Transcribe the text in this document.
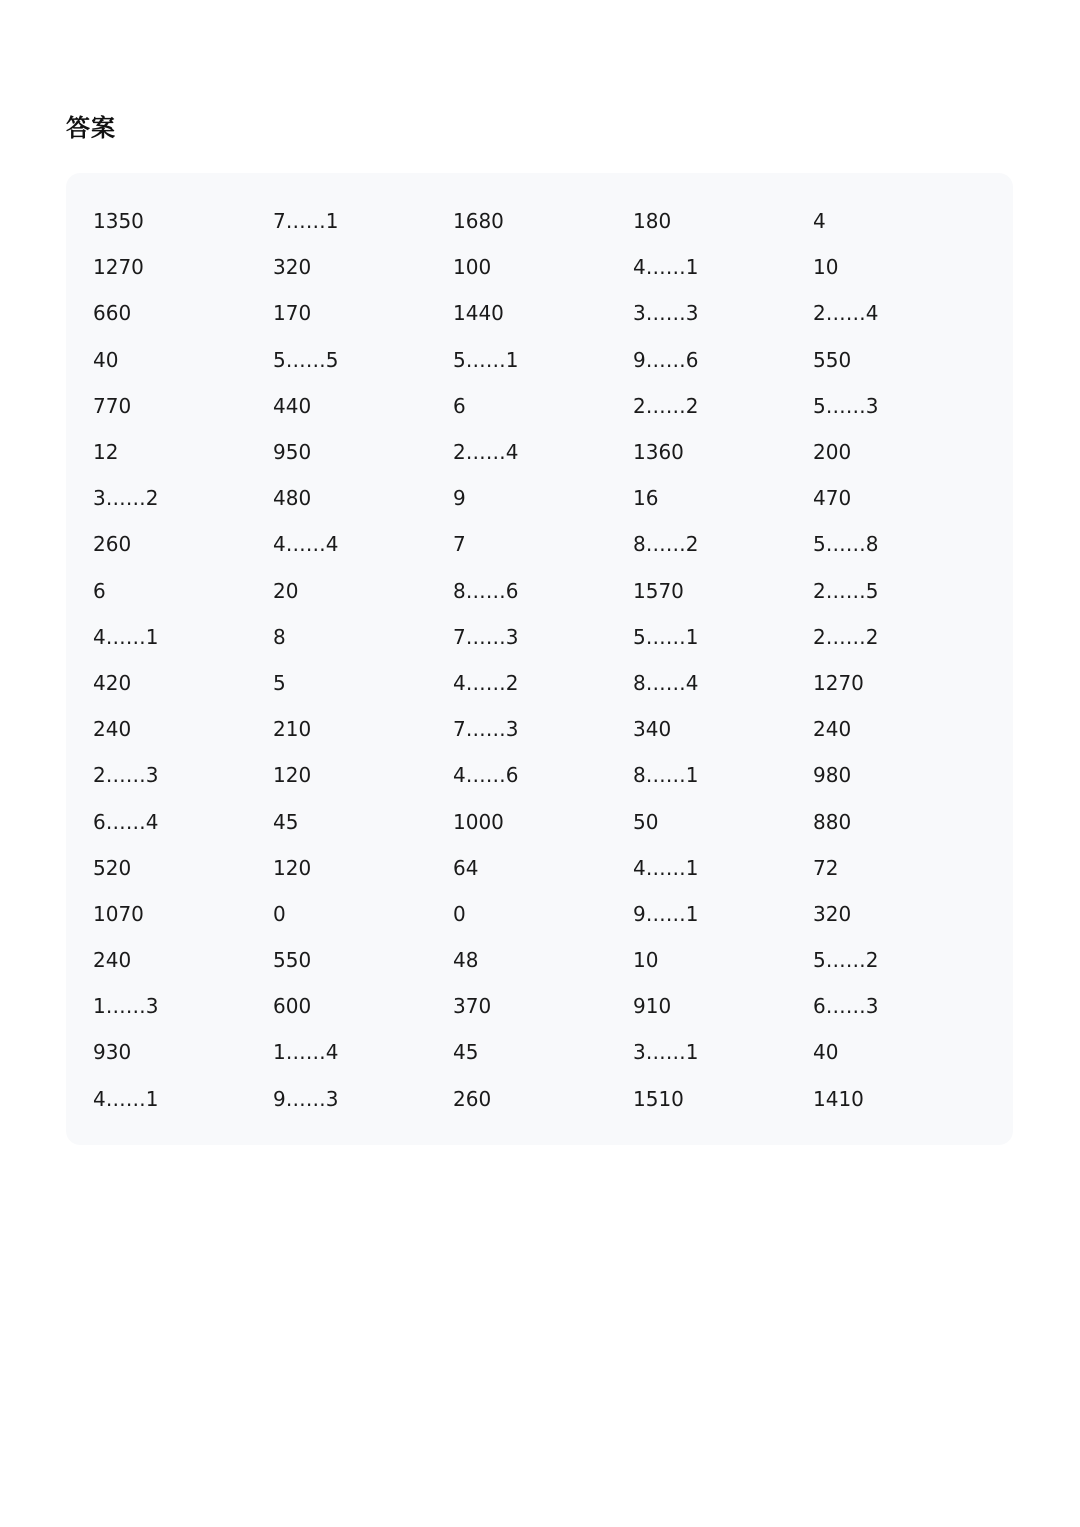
答案
1350	7……1	1680	180	4
1270	320	100	4……1	10
660	170	1440	3……3	2……4
40	5……5	5……1	9……6	550
770	440	6	2……2	5……3
12	950	2……4	1360	200
3……2	480	9	16	470
260	4……4	7	8……2	5……8
6	20	8……6	1570	2……5
4……1	8	7……3	5……1	2……2
420	5	4……2	8……4	1270
240	210	7……3	340	240
2……3	120	4……6	8……1	980
6……4	45	1000	50	880
520	120	64	4……1	72
1070	0	0	9……1	320
240	550	48	10	5……2
1……3	600	370	910	6……3
930	1……4	45	3……1	40
4……1	9……3	260	1510	1410
